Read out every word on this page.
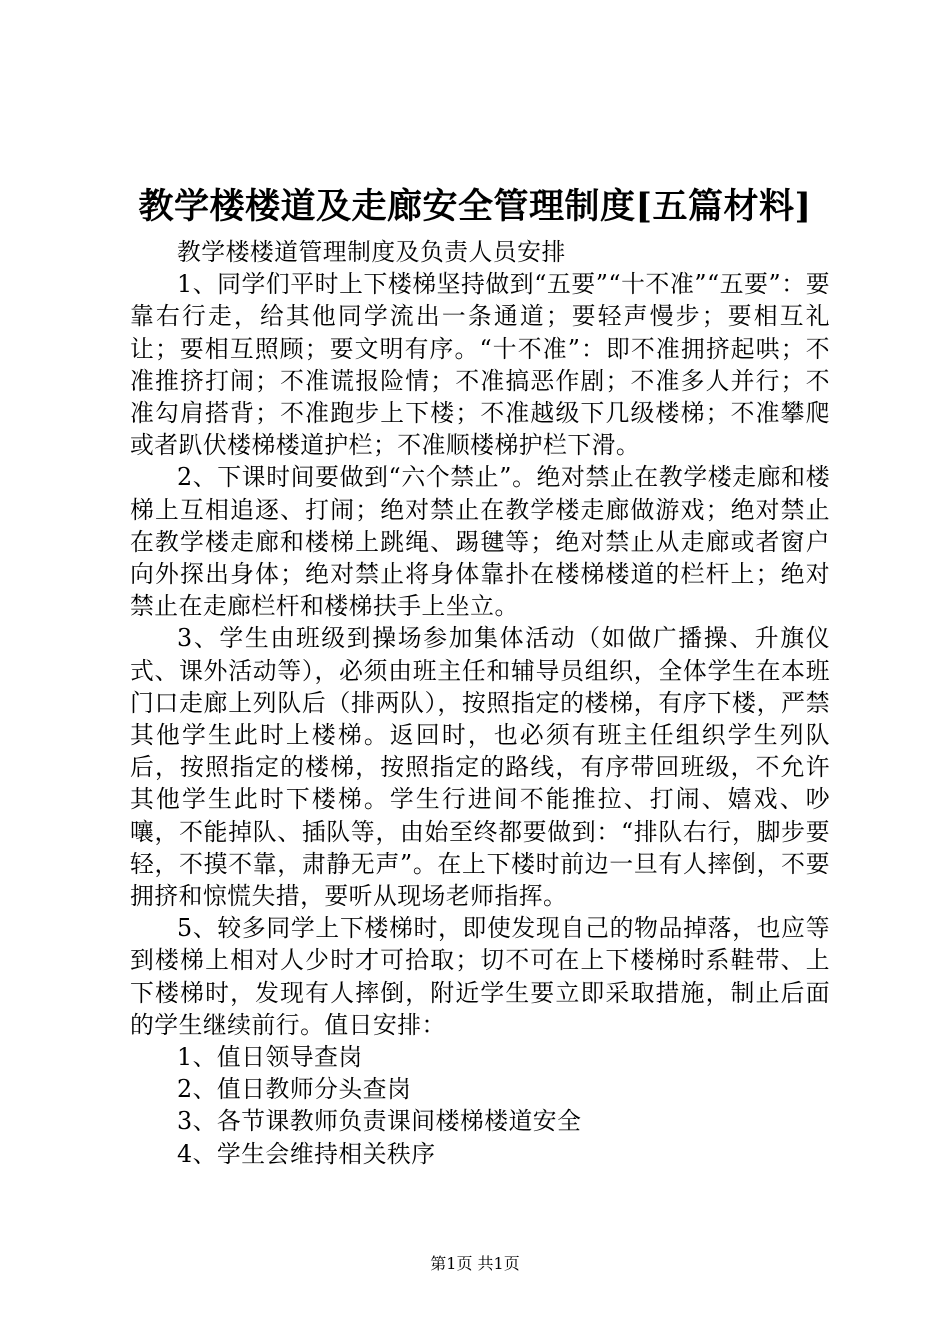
教学楼楼道及走廊安全管理制度[五篇材料]

教学楼楼道管理制度及负责人员安排

1、同学们平时上下楼梯坚持做到“五要”“十不准”“五要”：要靠右行走，给其他同学流出一条通道；要轻声慢步；要相互礼让；要相互照顾；要文明有序。“十不准”：即不准拥挤起哄；不准推挤打闹；不准谎报险情；不准搞恶作剧；不准多人并行；不准勾肩搭背；不准跑步上下楼；不准越级下几级楼梯；不准攀爬或者趴伏楼梯楼道护栏；不准顺楼梯护栏下滑。

2、下课时间要做到“六个禁止”。绝对禁止在教学楼走廊和楼梯上互相追逐、打闹；绝对禁止在教学楼走廊做游戏；绝对禁止在教学楼走廊和楼梯上跳绳、踢毽等；绝对禁止从走廊或者窗户向外探出身体；绝对禁止将身体靠扑在楼梯楼道的栏杆上；绝对禁止在走廊栏杆和楼梯扶手上坐立。

3、学生由班级到操场参加集体活动（如做广播操、升旗仪式、课外活动等），必须由班主任和辅导员组织，全体学生在本班门口走廊上列队后（排两队），按照指定的楼梯，有序下楼，严禁其他学生此时上楼梯。返回时，也必须有班主任组织学生列队后，按照指定的楼梯，按照指定的路线，有序带回班级，不允许其他学生此时下楼梯。学生行进间不能推拉、打闹、嬉戏、吵嚷，不能掉队、插队等，由始至终都要做到：“排队右行，脚步要轻，不摸不靠，肃静无声”。在上下楼时前边一旦有人摔倒，不要拥挤和惊慌失措，要听从现场老师指挥。

5、较多同学上下楼梯时，即使发现自己的物品掉落，也应等到楼梯上相对人少时才可拾取；切不可在上下楼梯时系鞋带、上下楼梯时，发现有人摔倒，附近学生要立即采取措施，制止后面的学生继续前行。值日安排：

1、值日领导查岗

2、值日教师分头查岗

3、各节课教师负责课间楼梯楼道安全

4、学生会维持相关秩序

第1页 共1页
